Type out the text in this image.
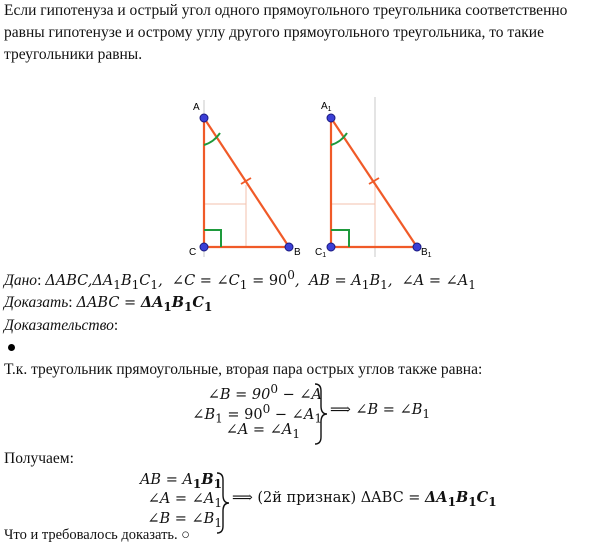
Если гипотенуза и острый угол одного прямоугольного треугольника соответственно равны гипотенузе и острому углу другого прямоугольного треугольника, то такие треугольники равны.
A
C	B
$A_1$
$C_1$	$B_1$
Дано: $\Delta ABC,\Delta A_1B_1C_1$,  ∠C = $\angle C_1 = 90^0$,  AB = $A_1B_1$,  ∠A = $\angle A_1$
Доказать: $\Delta ABC = \Delta A_1B_1C_1$
Доказательство:
Т.к. треугольник прямоугольные, вторая пара острых углов также равна:
∠B = $90^0$ − ∠A
$\angle B_1 = 90^0$ − $\angle A_1$
∠A = $\angle A_1$
⟹ ∠B = $\angle B_1$
Получаем:
AB = $A_1B_1$
∠A = $\angle A_1$
∠B = $\angle B_1$
⟹ (2й признак) $\Delta ABC = \Delta A_1B_1C_1$
Что и требовалось доказать. ○
